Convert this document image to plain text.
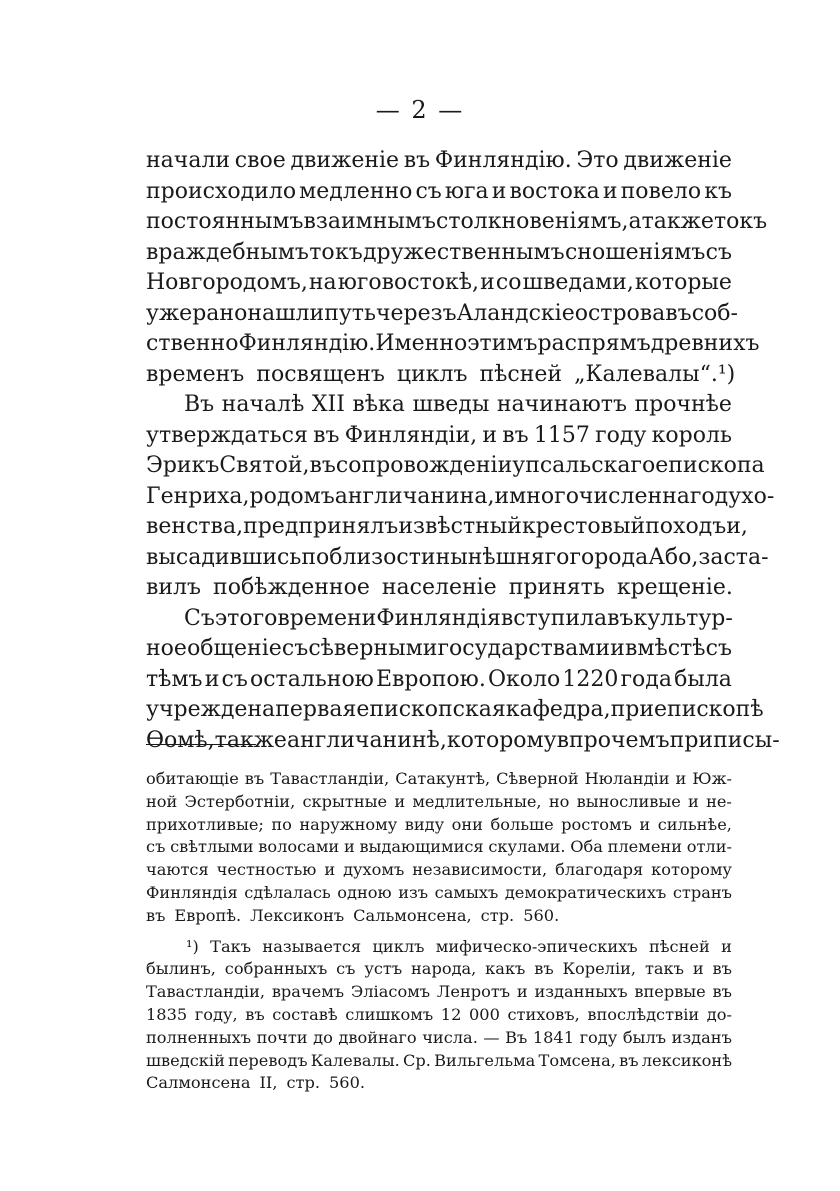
— 2 —
начали свое движенiе въ Финляндiю. Это движенiе
происходило медленно съ юга и востока и повело къ
постояннымъ взаимнымъ столкновенiямъ, а также то къ
враждебнымъ то къ дружественнымъ сношенiямъ съ
Новгородомъ, на юговостокѣ, и со шведами, которые
уже рано нашли путь черезъ Аландскiе острова въ соб-
ственно Финляндiю. Именно этимъ распрямъ древнихъ
временъ посвященъ циклъ пѣсней „Калевалы“.¹)
Въ началѣ XII вѣка шведы начинаютъ прочнѣе
утверждаться въ Финляндiи, и въ 1157 году король
Эрикъ Святой, въ сопровожденiи упсальскаго епископа
Генриха, родомъ англичанина, и многочисленнаго духо-
венства, предпринялъ извѣстный крестовый походъ и,
высадившись по близости нынѣшняго города Або, заста-
вилъ побѣжденное населенiе принять крещенiе.
Съ этого времени Финляндiя вступила въ культур-
ное общенiе съ сѣверными государствами и вмѣстѣ съ
тѣмъ и съ остальною Европою. Около 1220 года была
учреждена первая епископская кафедра, при епископѣ
Өомѣ, также англичанинѣ, которому впрочемъ приписы-
обитающiе въ Тавастландiи, Сатакунтѣ, Сѣверной Нюландiи и Юж-
ной Эстерботнiи, скрытные и медлительные, но выносливые и не-
прихотливые; по наружному виду они больше ростомъ и сильнѣе,
съ свѣтлыми волосами и выдающимися скулами. Оба племени отли-
чаются честностью и духомъ независимости, благодаря которому
Финляндiя сдѣлалась одною изъ самыхъ демократическихъ странъ
въ Европѣ. Лексиконъ Сальмонсена, стр. 560.
¹) Такъ называется циклъ мифическо-эпическихъ пѣсней и
былинъ, собранныхъ съ устъ народа, какъ въ Кореліи, такъ и въ
Тавастландiи, врачемъ Элiасомъ Ленротъ и изданныхъ впервые въ
1835 году, въ составѣ слишкомъ 12 000 стиховъ, впослѣдствiи до-
полненныхъ почти до двойнаго числа. — Въ 1841 году былъ изданъ
шведскiй переводъ Калевалы. Ср. Вильгельма Томсена, въ лексиконѣ
Салмонсена II, стр. 560.
